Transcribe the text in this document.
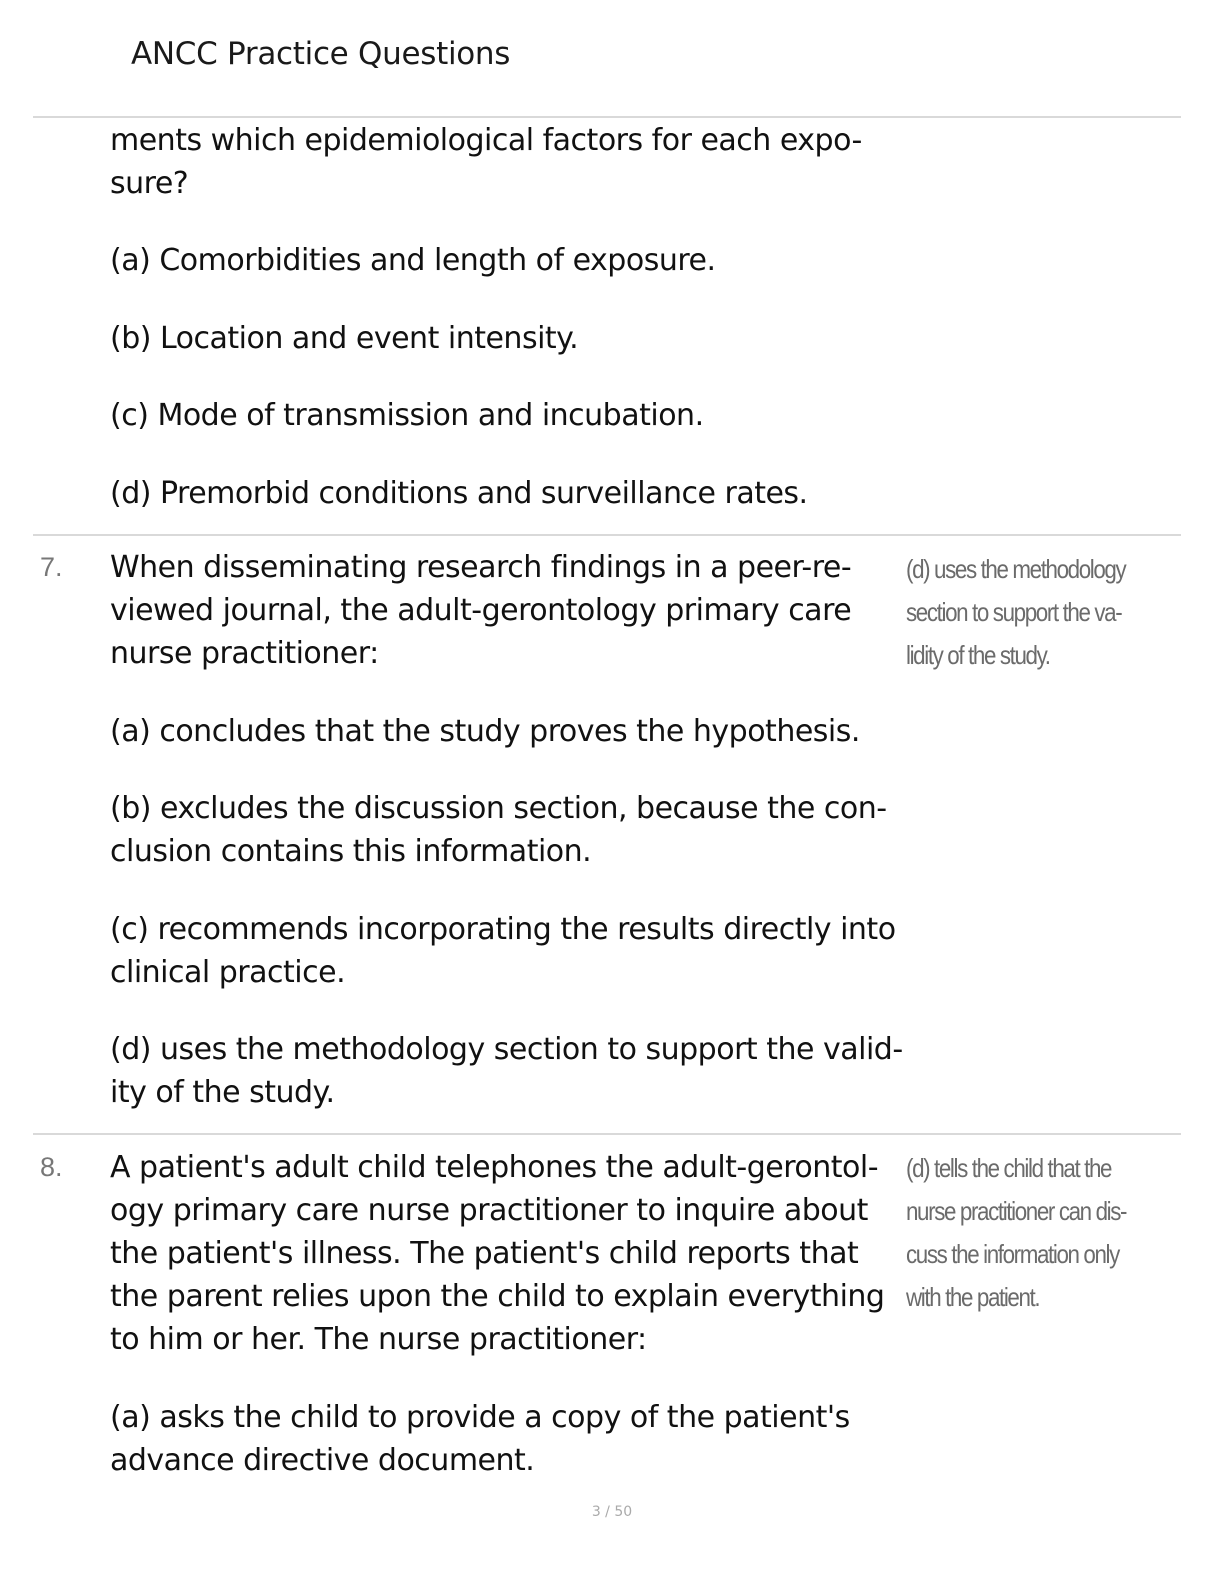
ANCC Practice Questions
ments which epidemiological factors for each expo-
sure?
(a) Comorbidities and length of exposure.
(b) Location and event intensity.
(c) Mode of transmission and incubation.
(d) Premorbid conditions and surveillance rates.
7. When disseminating research findings in a peer-re-
viewed journal, the adult-gerontology primary care
nurse practitioner:
(d) uses the methodology
section to support the va-
lidity of the study.
(a) concludes that the study proves the hypothesis.
(b) excludes the discussion section, because the con-
clusion contains this information.
(c) recommends incorporating the results directly into
clinical practice.
(d) uses the methodology section to support the valid-
ity of the study.
8. A patient's adult child telephones the adult-gerontol-
ogy primary care nurse practitioner to inquire about
the patient's illness. The patient's child reports that
the parent relies upon the child to explain everything
to him or her. The nurse practitioner:
(d) tells the child that the
nurse practitioner can dis-
cuss the information only
with the patient.
(a) asks the child to provide a copy of the patient's
advance directive document.
3 / 50
